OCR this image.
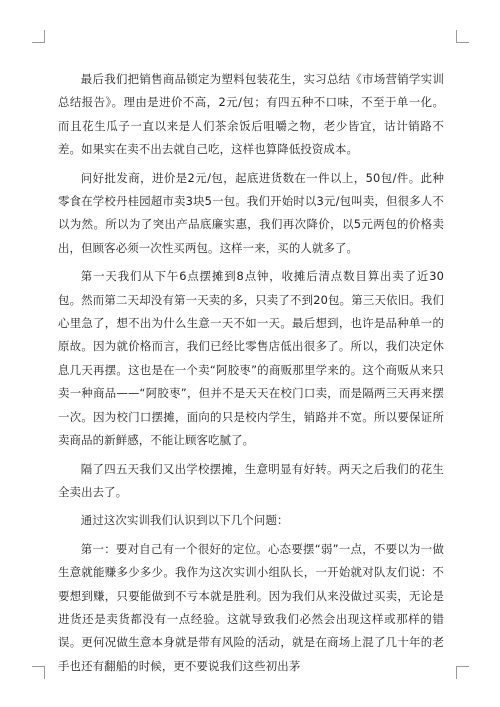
最后我们把销售商品锁定为塑料包装花生，实习总结《市场营销学实训总结报告》。理由是进价不高，2元/包；有四五种不口味，不至于单一化。而且花生瓜子一直以来是人们茶余饭后咀嚼之物，老少皆宜，诂计销路不差。如果实在卖不出去就自己吃，这样也算降低投资成本。

问好批发商，进价是2元/包，起底进货数在一件以上，50包/件。此种零食在学校丹桂园超市卖3块5一包。我们开始时以3元/包叫卖，但很多人不以为然。所以为了突出产品底廉实惠，我们再次降价，以5元两包的价格卖出，但顾客必须一次性买两包。这样一来，买的人就多了。

第一天我们从下午6点摆摊到8点钟，收摊后清点数目算出卖了近30包。然而第二天却没有第一天卖的多，只卖了不到20包。第三天依旧。我们心里急了，想不出为什么生意一天不如一天。最后想到，也许是品种单一的原故。因为就价格而言，我们已经比零售店低出很多了。所以，我们决定休息几天再摆。这也是在一个卖“阿胶枣”的商贩那里学来的。这个商贩从来只卖一种商品——“阿胶枣”，但并不是天天在校门口卖，而是隔两三天再来摆一次。因为校门口摆摊，面向的只是校内学生，销路并不宽。所以要保证所卖商品的新鲜感，不能让顾客吃腻了。

隔了四五天我们又出学校摆摊，生意明显有好转。两天之后我们的花生全卖出去了。

通过这次实训我们认识到以下几个问题：

第一：要对自己有一个很好的定位。心态要摆“弱”一点，不要以为一做生意就能赚多少多少。我作为这次实训小组队长，一开始就对队友们说：不要想到赚，只要能做到不亏本就是胜利。因为我们从来没做过买卖，无论是进货还是卖货都没有一点经验。这就导致我们必然会出现这样或那样的错误。更何况做生意本身就是带有风险的活动，就是在商场上混了几十年的老手也还有翻船的时候，更不要说我们这些初出茅
